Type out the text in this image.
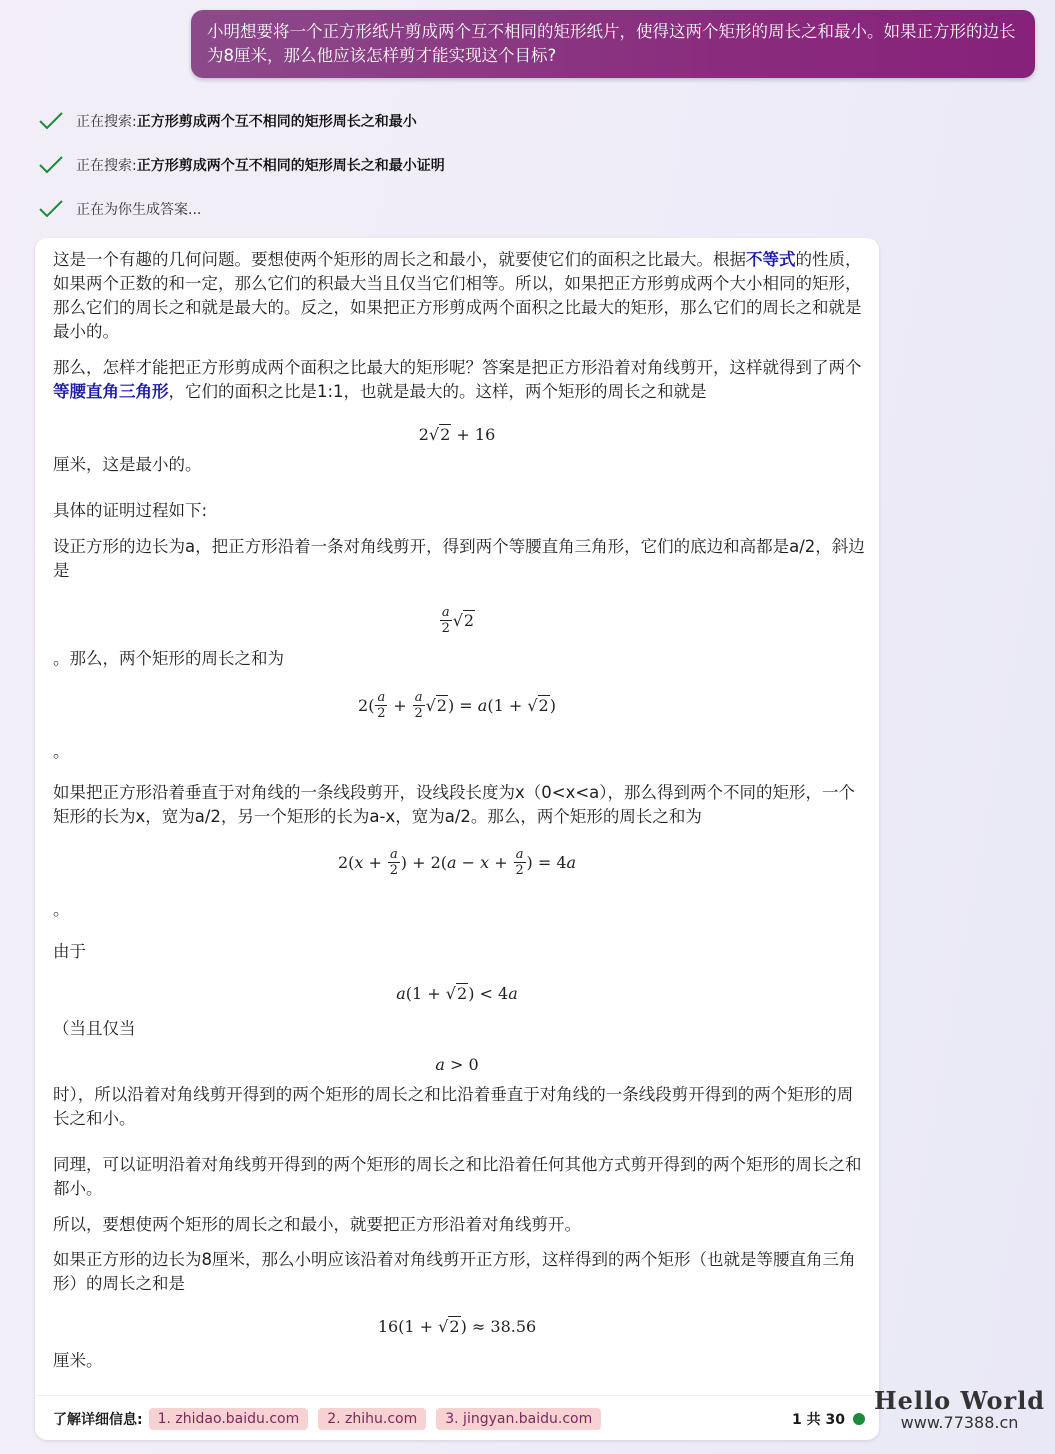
小明想要将一个正方形纸片剪成两个互不相同的矩形纸片，使得这两个矩形的周长之和最小。如果正方形的边长为8厘米，那么他应该怎样剪才能实现这个目标?
正在搜索: 正方形剪成两个互不相同的矩形周长之和最小
正在搜索: 正方形剪成两个互不相同的矩形周长之和最小证明
正在为你生成答案...
这是一个有趣的几何问题。要想使两个矩形的周长之和最小，就要使它们的面积之比最大。根据不等式的性质，如果两个正数的和一定，那么它们的积最大当且仅当它们相等。所以，如果把正方形剪成两个大小相同的矩形，那么它们的周长之和就是最大的。反之，如果把正方形剪成两个面积之比最大的矩形，那么它们的周长之和就是最小的。
那么，怎样才能把正方形剪成两个面积之比最大的矩形呢？答案是把正方形沿着对角线剪开，这样就得到了两个等腰直角三角形，它们的面积之比是1:1，也就是最大的。这样，两个矩形的周长之和就是
2 √2 + 16
厘米，这是最小的。
具体的证明过程如下:
设正方形的边长为a，把正方形沿着一条对角线剪开，得到两个等腰直角三角形，它们的底边和高都是a/2，斜边是
$\frac{a}{2} √2$
。那么，两个矩形的周长之和为
$2( \frac{a}{2} + \frac{a}{2} √2$ ) = a (1 + √2 )
。
如果把正方形沿着垂直于对角线的一条线段剪开，设线段长度为x（0<x<a），那么得到两个不同的矩形，一个矩形的长为x，宽为a/2，另一个矩形的长为a-x，宽为a/2。那么，两个矩形的周长之和为
2( $x + \frac{a}{2}$ ) + 2( $a - x + \frac{a}{2}$ ) = 4 a
。
由于
a (1 + √2 ) < 4 a
（当且仅当
a > 0
时），所以沿着对角线剪开得到的两个矩形的周长之和比沿着垂直于对角线的一条线段剪开得到的两个矩形的周长之和小。
同理，可以证明沿着对角线剪开得到的两个矩形的周长之和比沿着任何其他方式剪开得到的两个矩形的周长之和都小。
所以，要想使两个矩形的周长之和最小，就要把正方形沿着对角线剪开。
如果正方形的边长为8厘米，那么小明应该沿着对角线剪开正方形，这样得到的两个矩形（也就是等腰直角三角形）的周长之和是
16(1 + √2 ) ≈ 38.56
厘米。
了解详细信息:	1. zhidao.baidu.com	2. zhihu.com	3. jingyan.baidu.com	1 共 30
Hello World
www.77388.cn
